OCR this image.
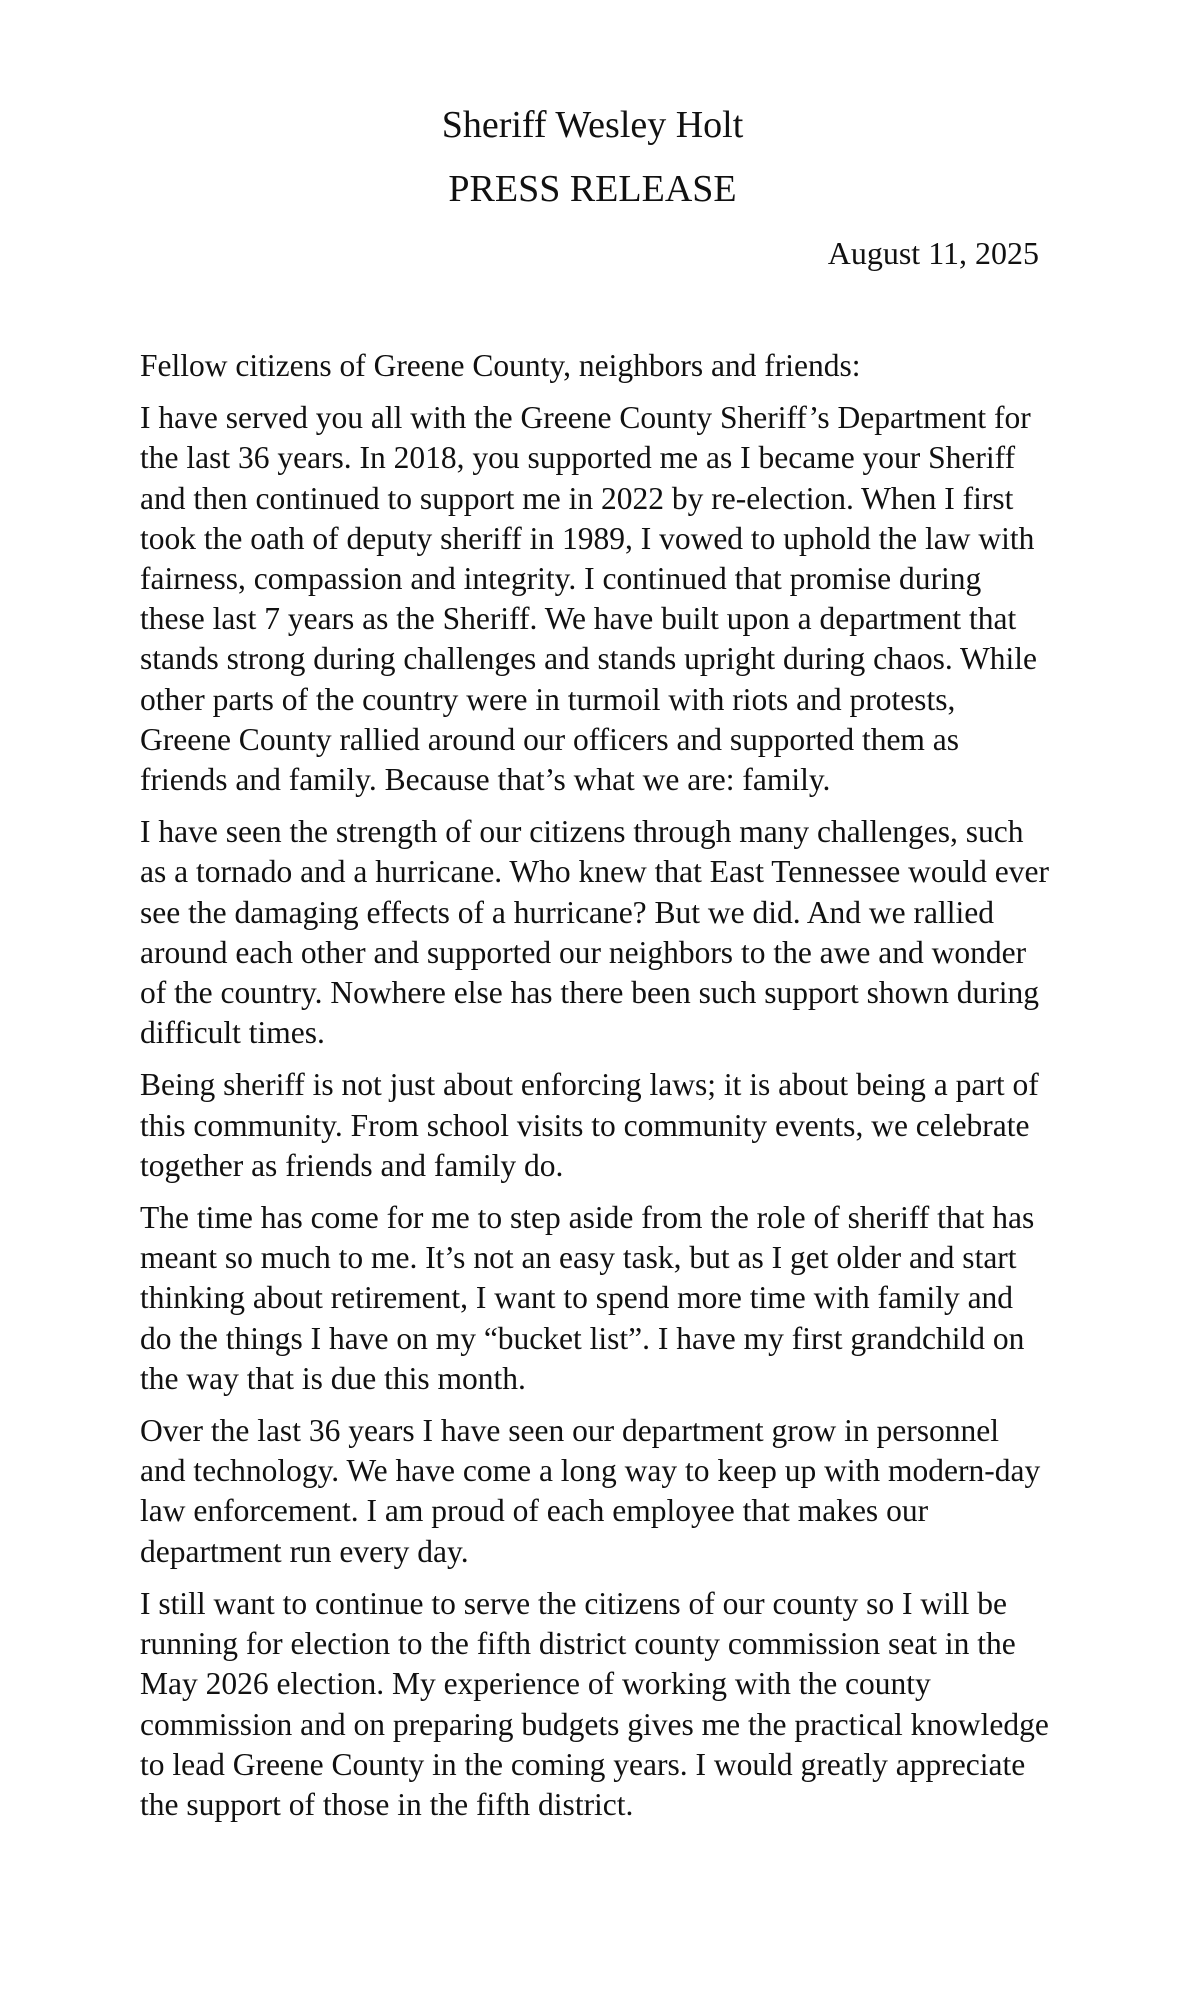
Sheriff Wesley Holt

PRESS RELEASE

August 11, 2025

Fellow citizens of Greene County, neighbors and friends:

I have served you all with the Greene County Sheriff’s Department for the last 36 years. In 2018, you supported me as I became your Sheriff and then continued to support me in 2022 by re-election. When I first took the oath of deputy sheriff in 1989, I vowed to uphold the law with fairness, compassion and integrity. I continued that promise during these last 7 years as the Sheriff. We have built upon a department that stands strong during challenges and stands upright during chaos. While other parts of the country were in turmoil with riots and protests, Greene County rallied around our officers and supported them as friends and family. Because that’s what we are: family.

I have seen the strength of our citizens through many challenges, such as a tornado and a hurricane. Who knew that East Tennessee would ever see the damaging effects of a hurricane? But we did. And we rallied around each other and supported our neighbors to the awe and wonder of the country. Nowhere else has there been such support shown during difficult times.

Being sheriff is not just about enforcing laws; it is about being a part of this community. From school visits to community events, we celebrate together as friends and family do.

The time has come for me to step aside from the role of sheriff that has meant so much to me. It’s not an easy task, but as I get older and start thinking about retirement, I want to spend more time with family and do the things I have on my “bucket list”. I have my first grandchild on the way that is due this month.

Over the last 36 years I have seen our department grow in personnel and technology. We have come a long way to keep up with modern-day law enforcement. I am proud of each employee that makes our department run every day.

I still want to continue to serve the citizens of our county so I will be running for election to the fifth district county commission seat in the May 2026 election. My experience of working with the county commission and on preparing budgets gives me the practical knowledge to lead Greene County in the coming years. I would greatly appreciate the support of those in the fifth district.
